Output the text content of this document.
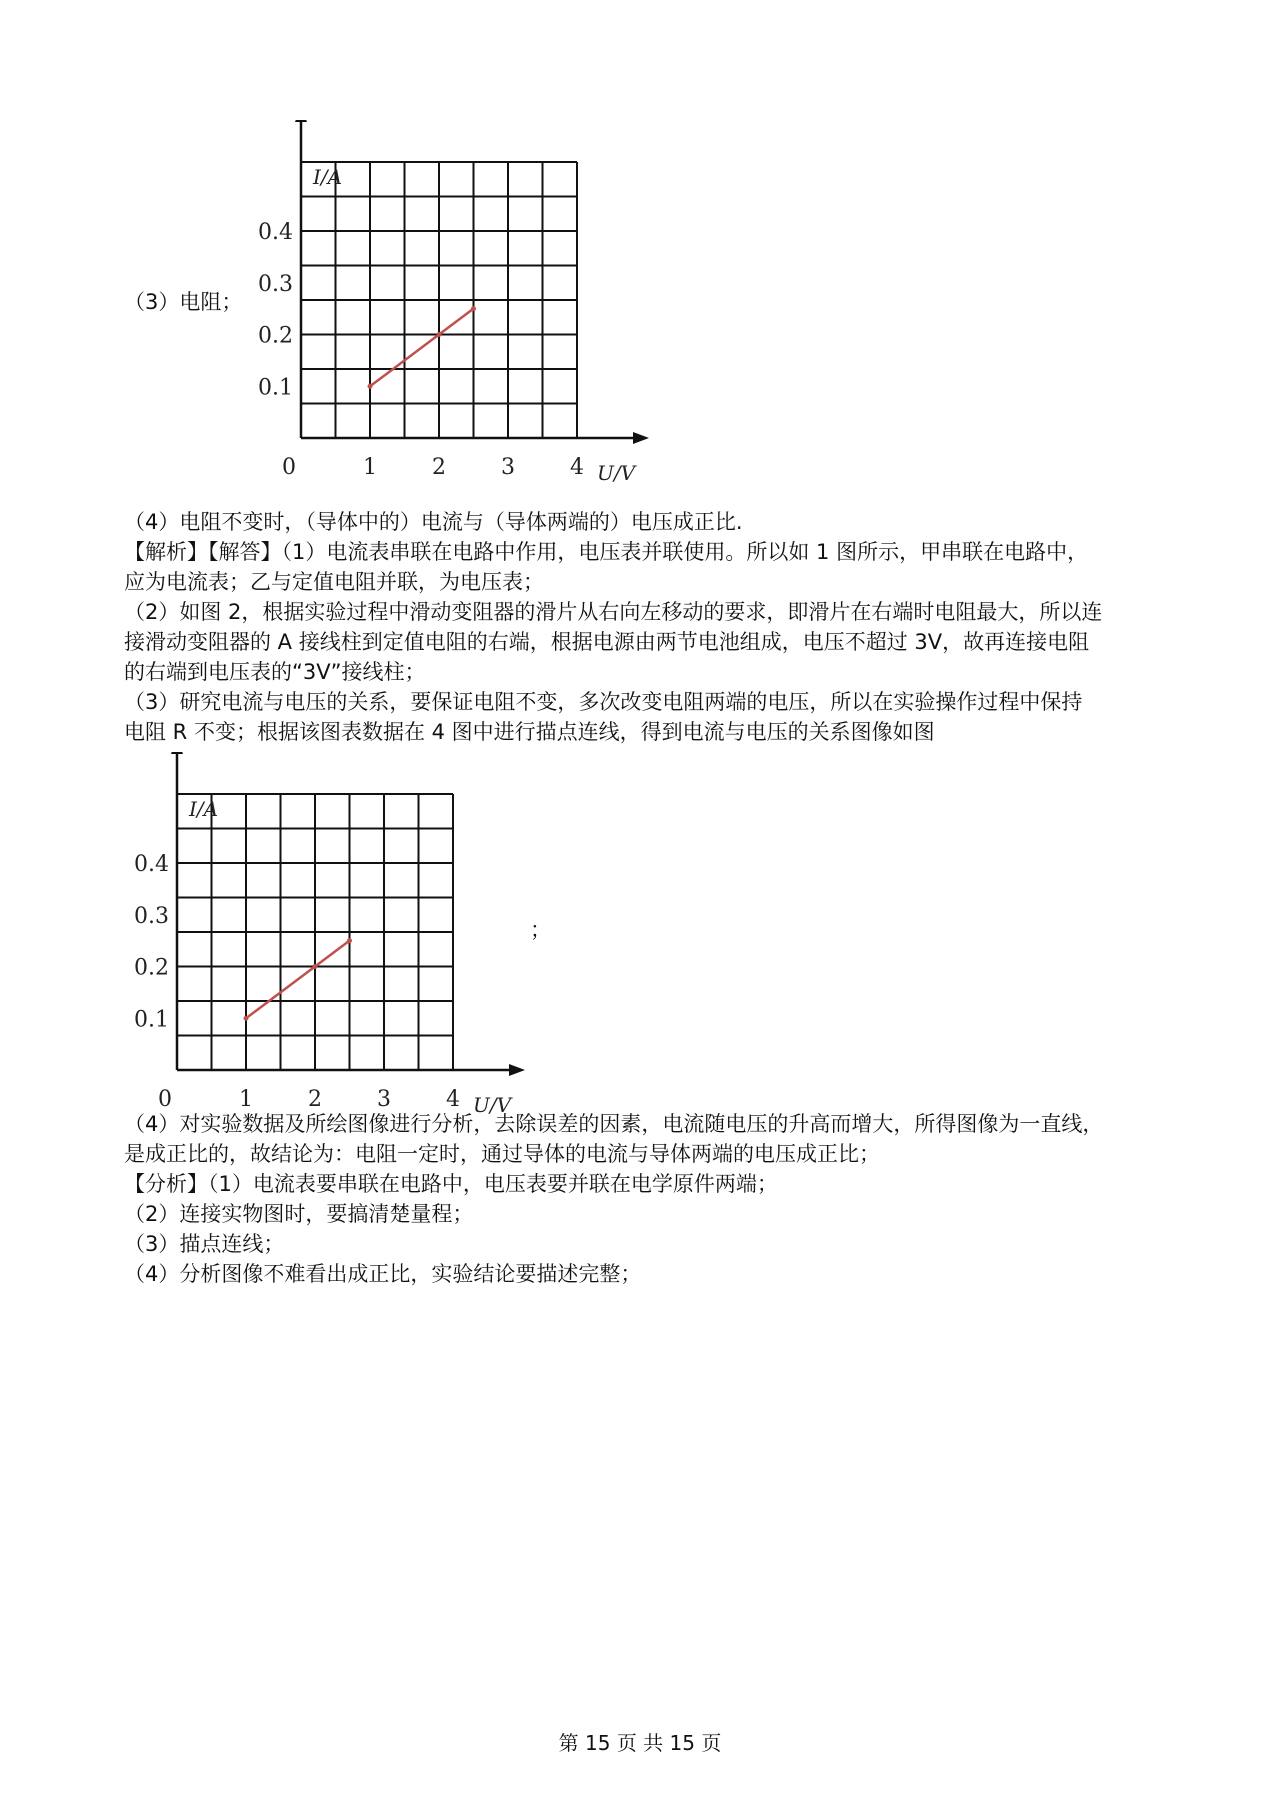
（3）电阻；
0	1	2	3	4
0.1
0.2
0.3
0.4
I/A
U/V
（4）电阻不变时，（导体中的）电流与（导体两端的）电压成正比.
【解析】【解答】（1）电流表串联在电路中作用，电压表并联使用。所以如 1 图所示，甲串联在电路中，
应为电流表；乙与定值电阻并联，为电压表；
（2）如图 2，根据实验过程中滑动变阻器的滑片从右向左移动的要求，即滑片在右端时电阻最大，所以连
接滑动变阻器的 A 接线柱到定值电阻的右端，根据电源由两节电池组成，电压不超过 3V，故再连接电阻
的右端到电压表的“3V”接线柱；
（3）研究电流与电压的关系，要保证电阻不变，多次改变电阻两端的电压，所以在实验操作过程中保持
电阻 R 不变；根据该图表数据在 4 图中进行描点连线，得到电流与电压的关系图像如图
0	1	2	3	4
0.1
0.2
0.3
0.4
I/A
U/V
；
（4）对实验数据及所绘图像进行分析，去除误差的因素，电流随电压的升高而增大，所得图像为一直线，
是成正比的，故结论为：电阻一定时，通过导体的电流与导体两端的电压成正比；
【分析】（1）电流表要串联在电路中，电压表要并联在电学原件两端；
（2）连接实物图时，要搞清楚量程；
（3）描点连线；
（4）分析图像不难看出成正比，实验结论要描述完整；
第 15 页 共 15 页
